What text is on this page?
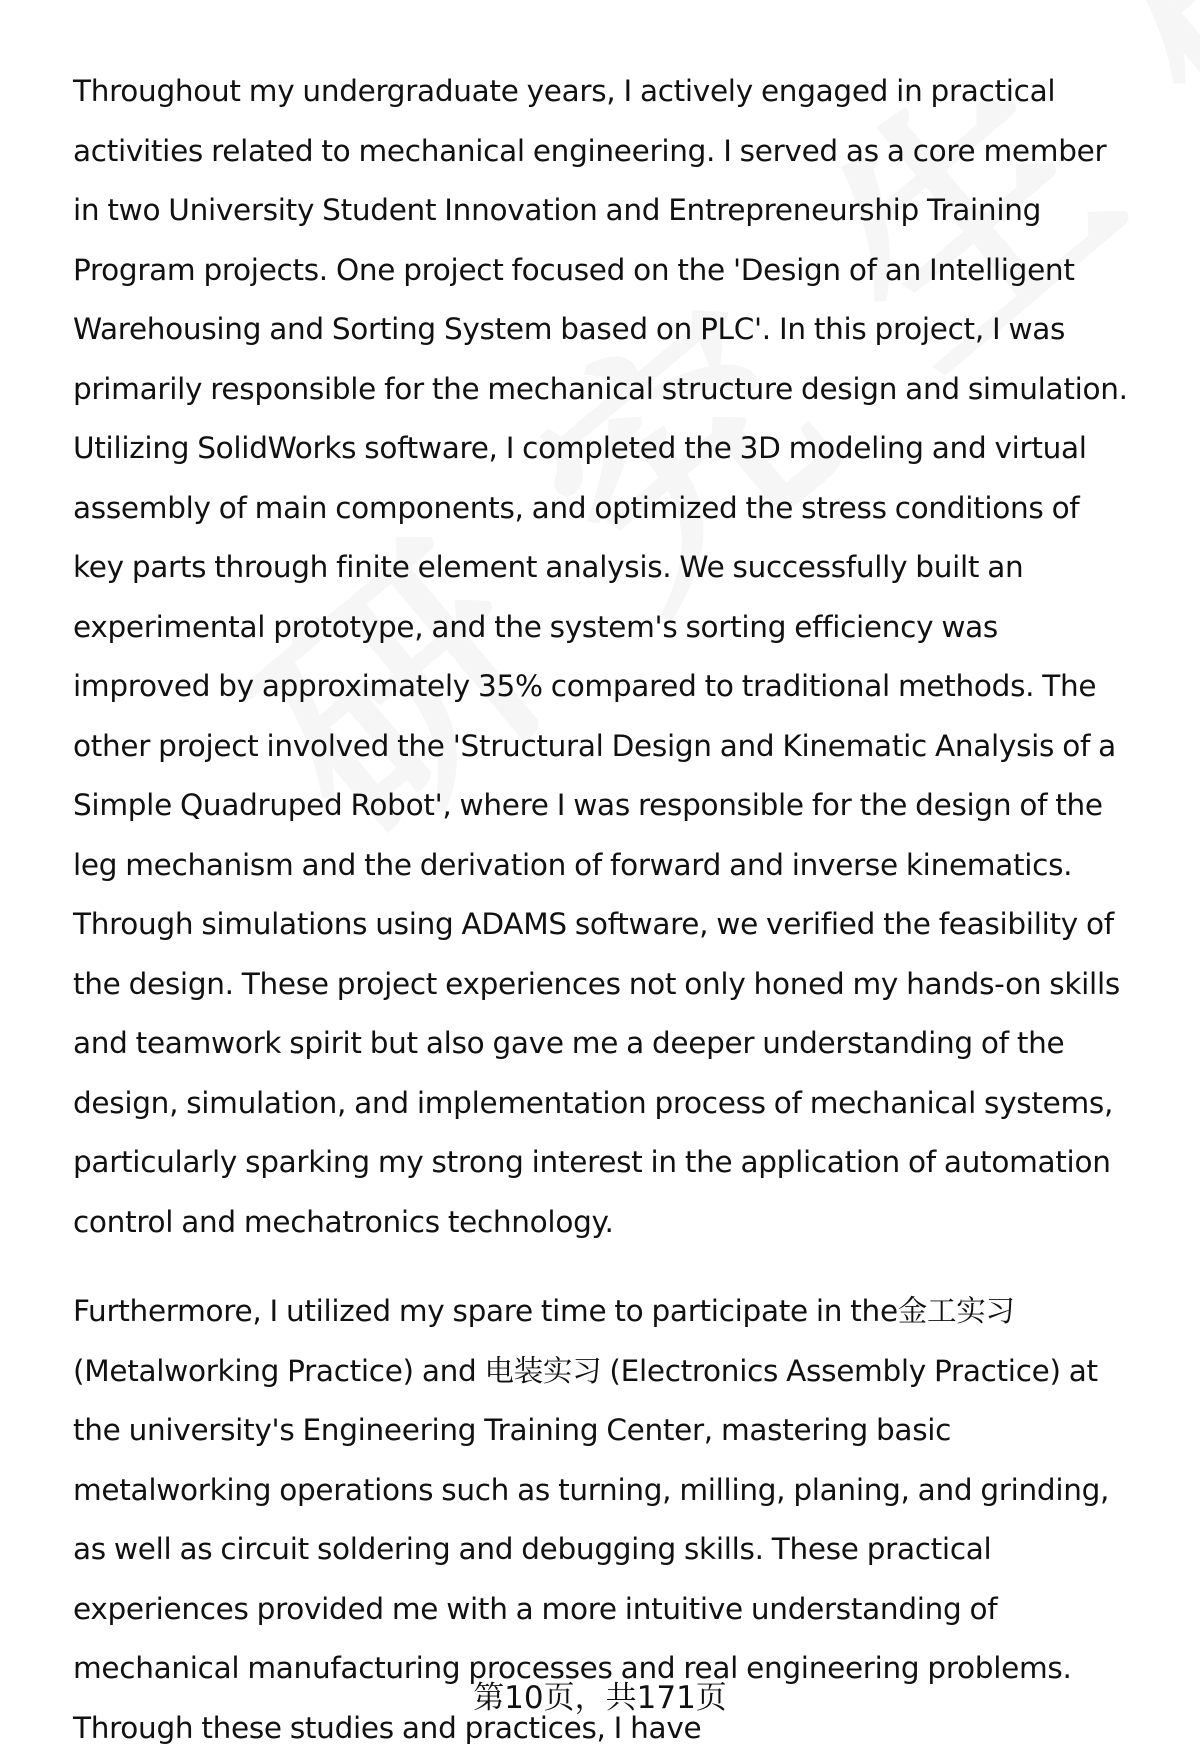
Throughout my undergraduate years, I actively engaged in practical activities related to mechanical engineering. I served as a core member in two University Student Innovation and Entrepreneurship Training Program projects. One project focused on the 'Design of an Intelligent Warehousing and Sorting System based on PLC'. In this project, I was primarily responsible for the mechanical structure design and simulation. Utilizing SolidWorks software, I completed the 3D modeling and virtual assembly of main components, and optimized the stress conditions of key parts through finite element analysis. We successfully built an experimental prototype, and the system's sorting efficiency was improved by approximately 35% compared to traditional methods. The other project involved the 'Structural Design and Kinematic Analysis of a Simple Quadruped Robot', where I was responsible for the design of the leg mechanism and the derivation of forward and inverse kinematics. Through simulations using ADAMS software, we verified the feasibility of the design. These project experiences not only honed my hands-on skills and teamwork spirit but also gave me a deeper understanding of the design, simulation, and implementation process of mechanical systems, particularly sparking my strong interest in the application of automation control and mechatronics technology.

Furthermore, I utilized my spare time to participate in the金工实习 (Metalworking Practice) and 电装实习 (Electronics Assembly Practice) at the university's Engineering Training Center, mastering basic metalworking operations such as turning, milling, planing, and grinding, as well as circuit soldering and debugging skills. These practical experiences provided me with a more intuitive understanding of mechanical manufacturing processes and real engineering problems. Through these studies and practices, I have

第10页，共171页
